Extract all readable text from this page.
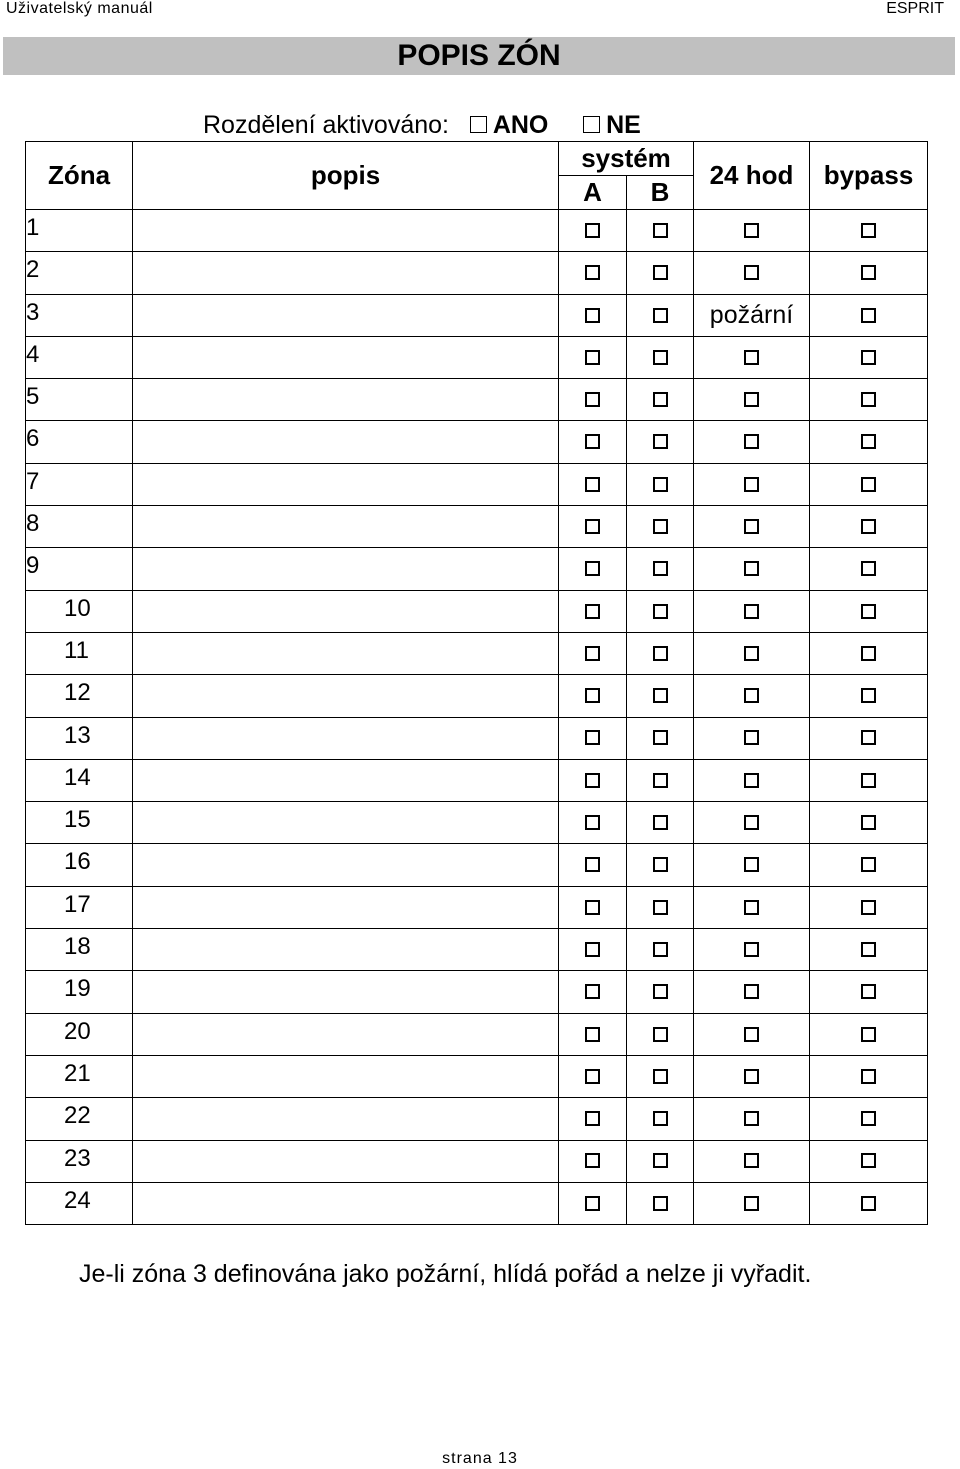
Uživatelský manuál	ESPRIT
POPIS ZÓN
Rozdělení aktivováno: ANO NE
Zóna	popis	systém		24 hod	bypass
		A	B		
1					
2					
3				požární	
4					
5					
6					
7					
8					
9					
10					
11					
12					
13					
14					
15					
16					
17					
18					
19					
20					
21					
22					
23					
24					
Je-li zóna 3 definována jako požární, hlídá pořád a nelze ji vyřadit.
strana 13
